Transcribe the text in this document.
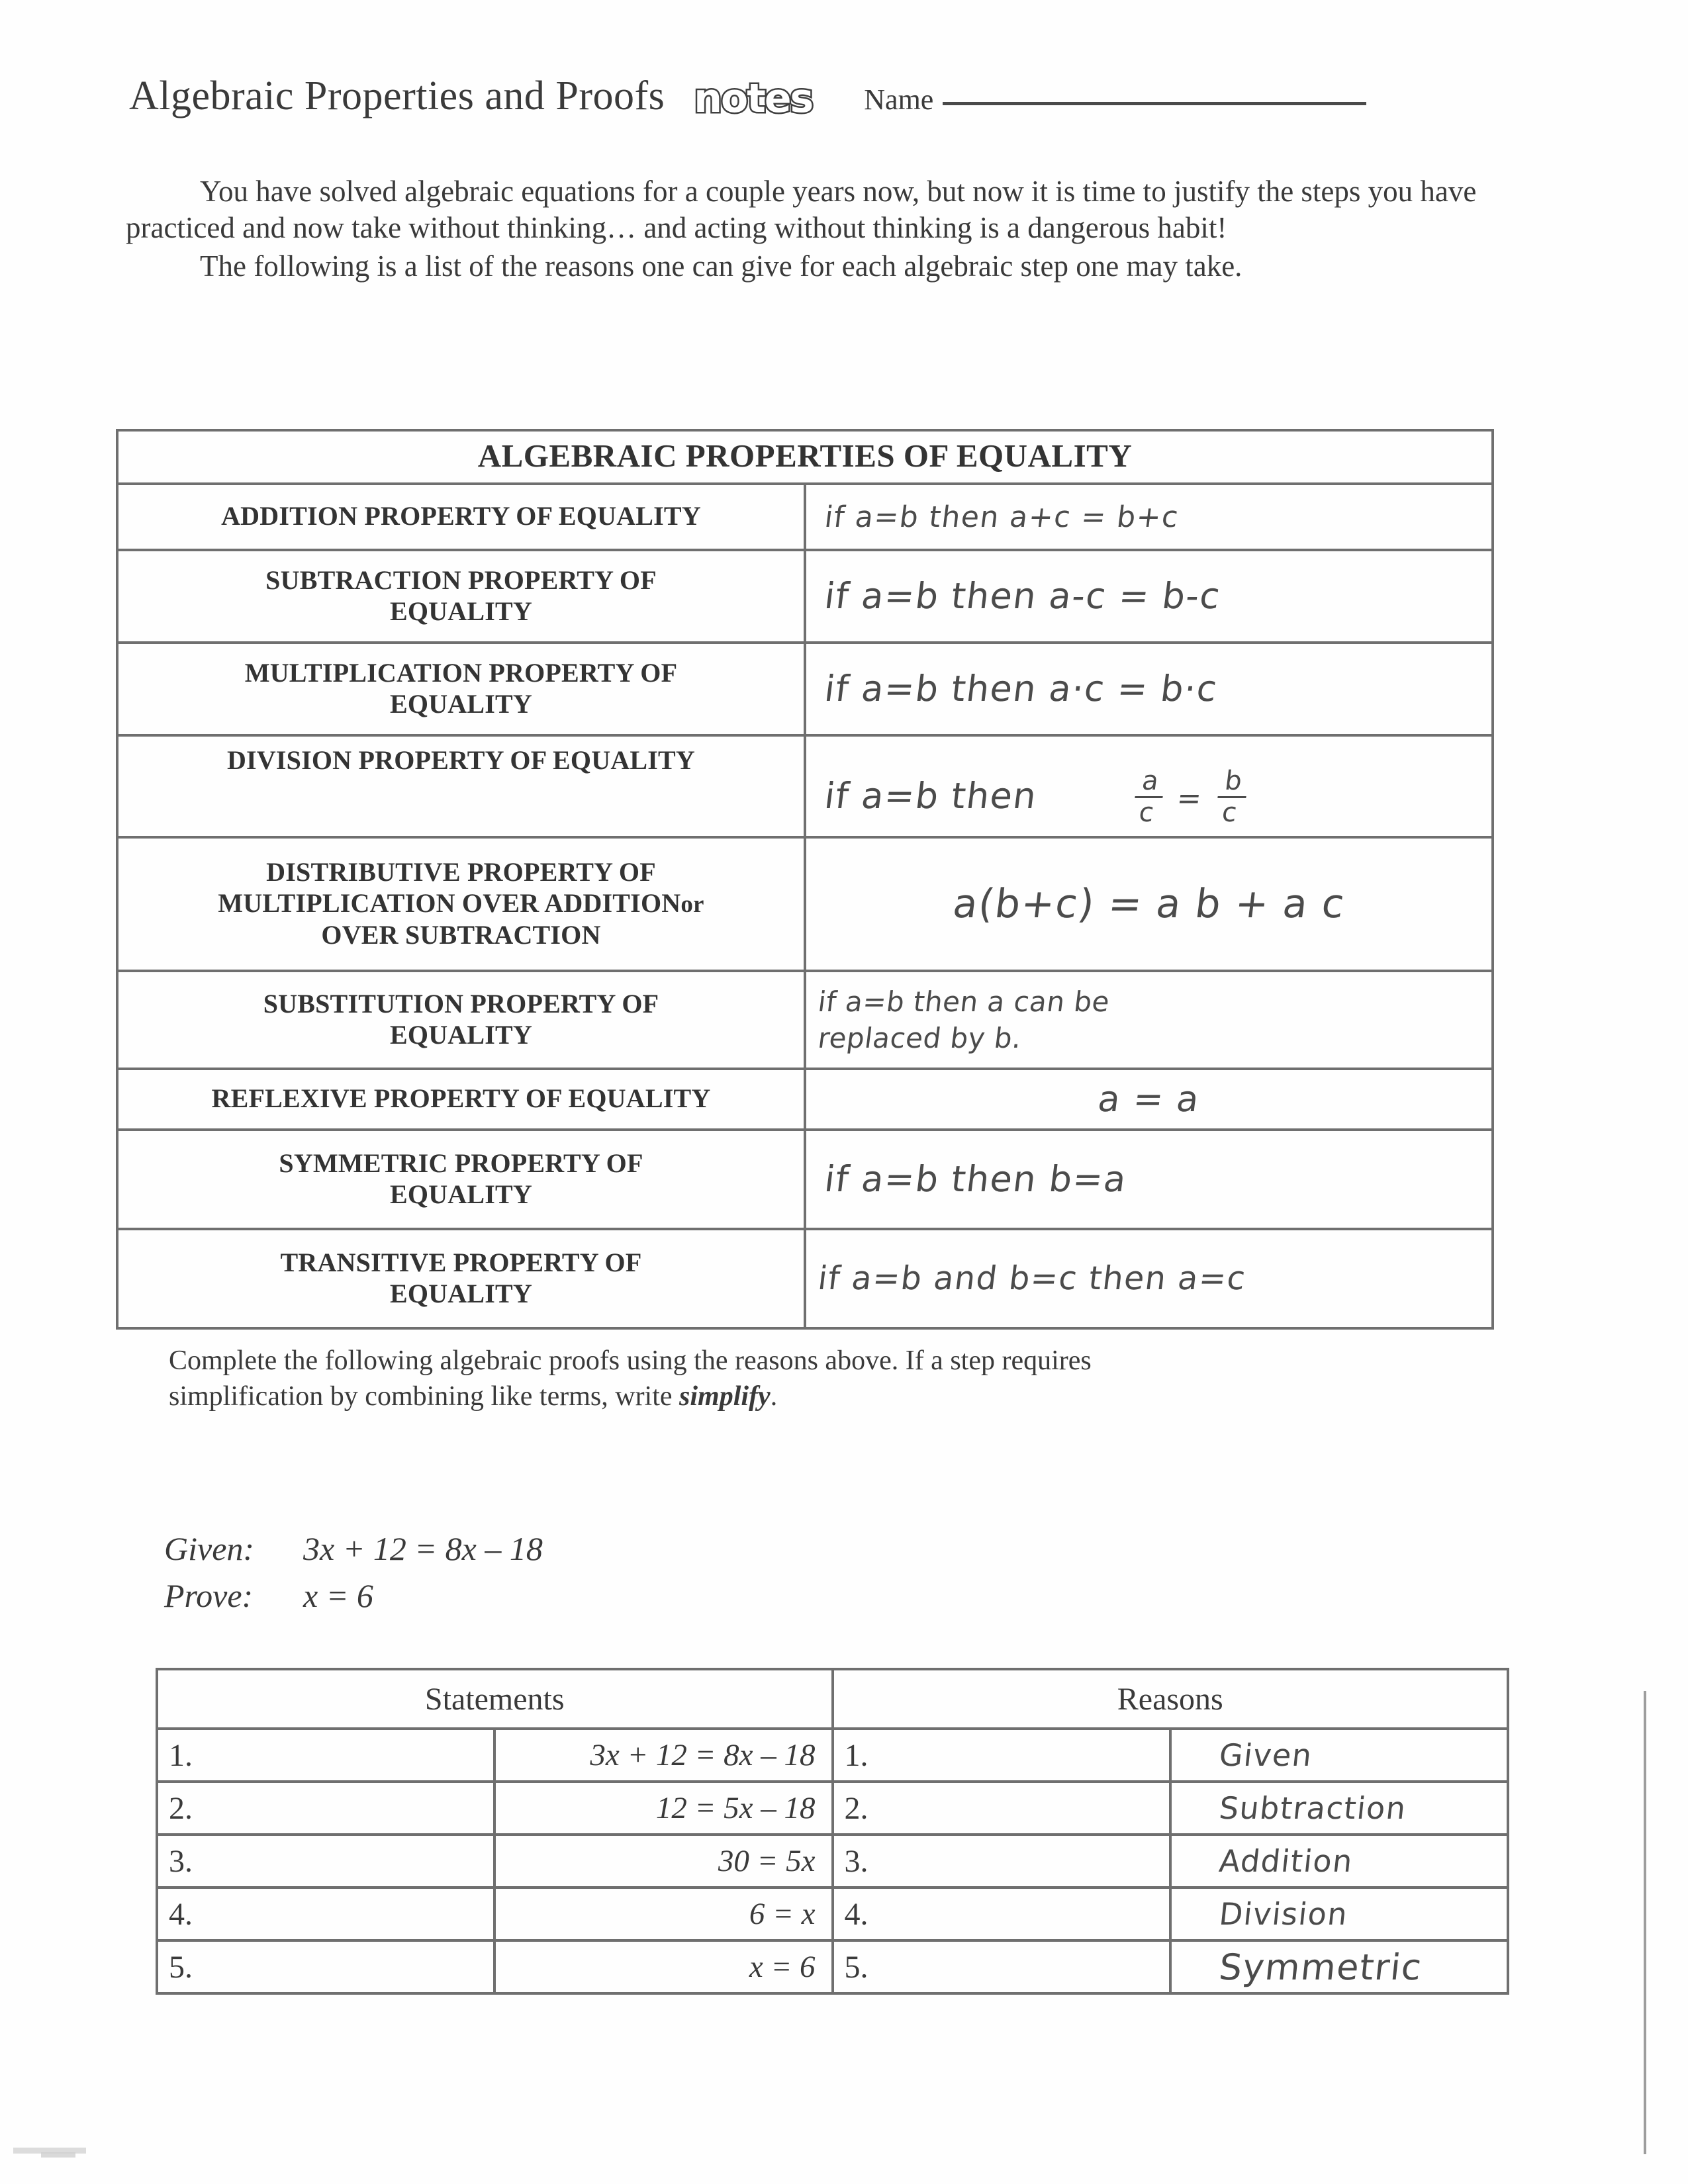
Algebraic Properties and Proofs notes Name

You have solved algebraic equations for a couple years now, but now it is time to justify the steps you have practiced and now take without thinking… and acting without thinking is a dangerous habit!

The following is a list of the reasons one can give for each algebraic step one may take.

ALGEBRAIC PROPERTIES OF EQUALITY	
ADDITION PROPERTY OF EQUALITY	if a=b then a+c = b+c
SUBTRACTION PROPERTY OF
EQUALITY	if a=b then a-c = b-c
MULTIPLICATION PROPERTY OF
EQUALITY	if a=b then a·c = b·c
DIVISION PROPERTY OF EQUALITY	if a=b then	$\frac{a}{c} = \frac{b}{c}$

DISTRIBUTIVE PROPERTY OF
MULTIPLICATION OVER ADDITIONor
OVER SUBTRACTION	a(b+c) = a b + a c
SUBSTITUTION PROPERTY OF
EQUALITY	if a=b then a can be
replaced by b.
REFLEXIVE PROPERTY OF EQUALITY	a = a
SYMMETRIC PROPERTY OF
EQUALITY	if a=b then b=a
TRANSITIVE PROPERTY OF
EQUALITY	if a=b and b=c then a=c
Complete the following algebraic proofs using the reasons above. If a step requires
simplification by combining like terms, write simplify.
Given:	3x + 12 = 8x – 18
Prove:	x = 6
Statements		Reasons	
1.	3x + 12 = 8x – 18	1.	Given
2.	12 = 5x – 18	2.	Subtraction
3.	30 = 5x	3.	Addition
4.	6 = x	4.	Division
5.	x = 6	5.	Symmetric
